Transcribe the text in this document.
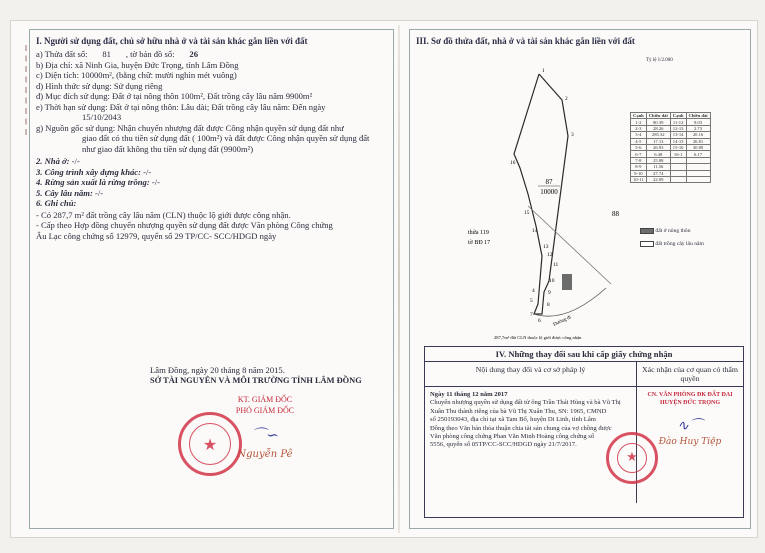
I. Người sử dụng đất, chủ sở hữu nhà ở và tài sản khác gắn liền với đất
a) Thửa đất số: 81 , tờ bản đồ số: 26
b) Địa chỉ: xã Ninh Gia, huyện Đức Trọng, tỉnh Lâm Đồng
c) Diện tích: 10000m², (bằng chữ: mười nghìn mét vuông)
d) Hình thức sử dụng: Sử dụng riêng
đ) Mục đích sử dụng: Đất ở tại nông thôn 100m², Đất trồng cây lâu năm 9900m²
e) Thời hạn sử dụng: Đất ở tại nông thôn: Lâu dài; Đất trồng cây lâu năm: Đến ngày
15/10/2043
g) Nguồn gốc sử dụng: Nhận chuyển nhượng đất được Công nhận quyền sử dụng đất như
giao đất có thu tiền sử dụng đất ( 100m²) và đất được Công nhận quyền sử dụng đất
như giao đất không thu tiền sử dụng đất (9900m²)
2. Nhà ở: -/-
3. Công trình xây dựng khác: -/-
4. Rừng sản xuất là rừng trồng: -/-
5. Cây lâu năm: -/-
6. Ghi chú:
- Có 287,7 m² đất trồng cây lâu năm (CLN) thuộc lộ giới được công nhận.
- Cấp theo Hợp đồng chuyển nhượng quyền sử dụng đất được Văn phòng Công chứng
Âu Lạc công chứng số 12979, quyển số 29 TP/CC- SCC/HDGD ngày
Lâm Đồng, ngày 20 tháng 8 năm 2015.
SỞ TÀI NGUYÊN VÀ MÔI TRƯỜNG TỈNH LÂM ĐỒNG
KT. GIÁM ĐỐC
PHÓ GIÁM ĐỐC
⌒∽
Nguyễn Pê
★
III. Sơ đồ thửa đất, nhà ở và tài sản khác gắn liền với đất
Tỷ lệ 1/2.000
87
10000
88
thửa 119
tờ BĐ 17
Đường đi
287,7m² đất CLN thuộc lộ giới được công nhận
1
2
3
16
15
14
13
12
11
10
9
8
7
6
5
4
Cạnh	Chiều dài	Cạnh	Chiều dài
1-2	80.39	11-12	9.03
2-3	28.26	12-13	2.73
3-4	285.32	13-14	20.16
4-5	17.13	14-15	26.81
5-6	26.93	15-16	30.80
6-7	6.48	16-1	6.17
7-8	25.88		
8-9	11.56		
9-10	27.74		
10-11	22.09		
đất ở nông thôn
đất trồng cây lâu năm
IV. Những thay đổi sau khi cấp giấy chứng nhận
Nội dung thay đổi và cơ sở pháp lý	Xác nhận của cơ quan có thẩm quyền
Ngày 11 tháng 12 năm 2017
Chuyển nhượng quyền sử dụng đất từ ông Trần Thái Hùng và bà Vũ Thị
Xuân Thu thành riêng của bà Vũ Thị Xuân Thu, SN: 1965, CMND
số 250193043, địa chỉ tại xã Tam Bố, huyện Di Linh, tỉnh Lâm
Đồng theo Văn bản thỏa thuận chia tài sản chung của vợ chồng được
Văn phòng công chứng Phan Văn Minh Hoàng công chứng số
5556, quyển số 05TP/CC-SCC/HDGD ngày 21/7/2017.
CN. VĂN PHÒNG ĐK ĐẤT ĐAI
HUYỆN ĐỨC TRỌNG
∿⌒
Đào Huy Tiệp
★
